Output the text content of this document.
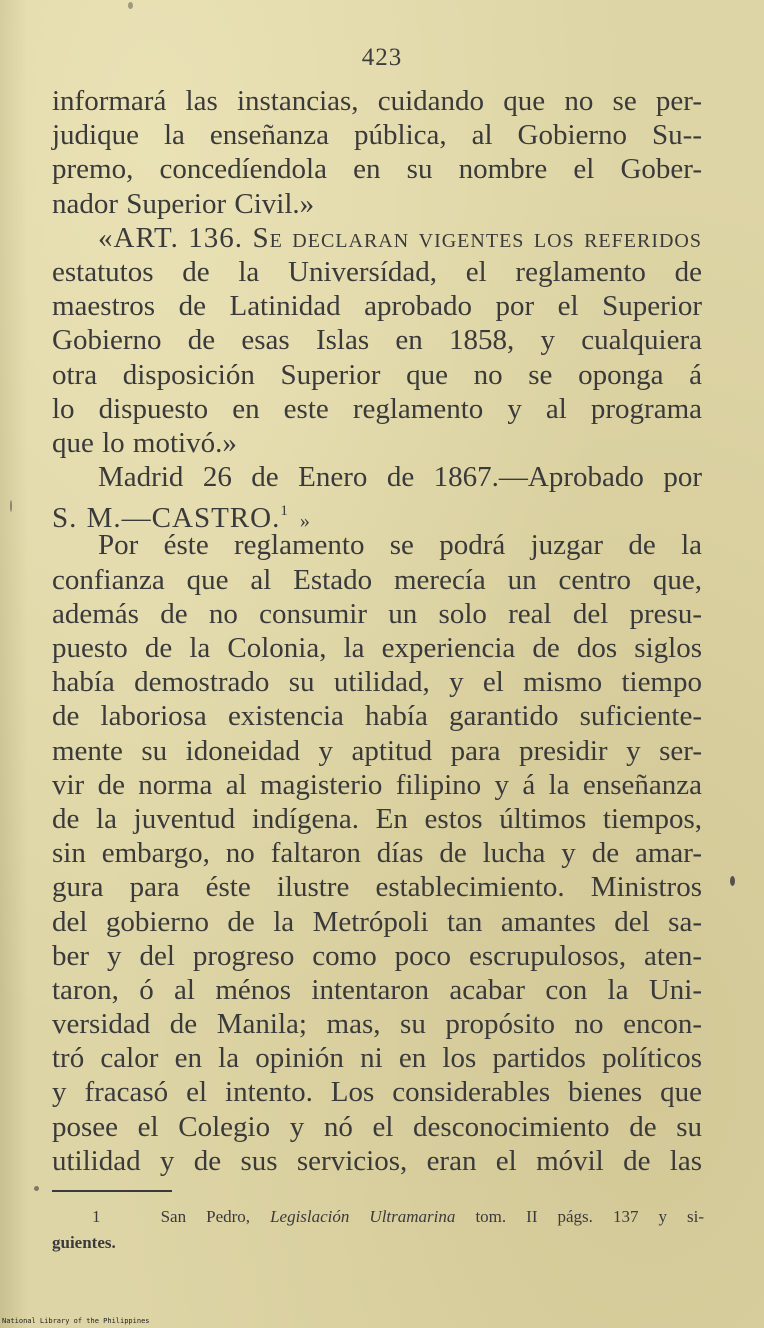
423
informará las instancias, cuidando que no se per-
judique la enseñanza pública, al Gobierno Su--
premo, concedíendola en su nombre el Gober-
nador Superior Civil.»
«ART. 136. Se declaran vigentes los referidos
estatutos de la Universídad, el reglamento de
maestros de Latinidad aprobado por el Superior
Gobierno de esas Islas en 1858, y cualquiera
otra disposición Superior que no se oponga á
lo dispuesto en este reglamento y al programa
que lo motivó.»
Madrid 26 de Enero de 1867.—Aprobado por
S. M.—CASTRO.$^1$ »
Por éste reglamento se podrá juzgar de la
confianza que al Estado merecía un centro que,
además de no consumir un solo real del presu-
puesto de la Colonia, la experiencia de dos siglos
había demostrado su utilidad, y el mismo tiempo
de laboriosa existencia había garantido suficiente-
mente su idoneidad y aptitud para presidir y ser-
vir de norma al magisterio filipino y á la enseñanza
de la juventud indígena. En estos últimos tiempos,
sin embargo, no faltaron días de lucha y de amar-
gura para éste ilustre establecimiento. Ministros
del gobierno de la Metrópoli tan amantes del sa-
ber y del progreso como poco escrupulosos, aten-
taron, ó al ménos intentaron acabar con la Uni-
versidad de Manila; mas, su propósito no encon-
tró calor en la opinión ni en los partidos políticos
y fracasó el intento. Los considerables bienes que
posee el Colegio y nó el desconocimiento de su
utilidad y de sus servicios, eran el móvil de las
1	San Pedro, Legislación Ultramarina tom. II págs. 137 y si-
guientes.
National Library of the Philippines
